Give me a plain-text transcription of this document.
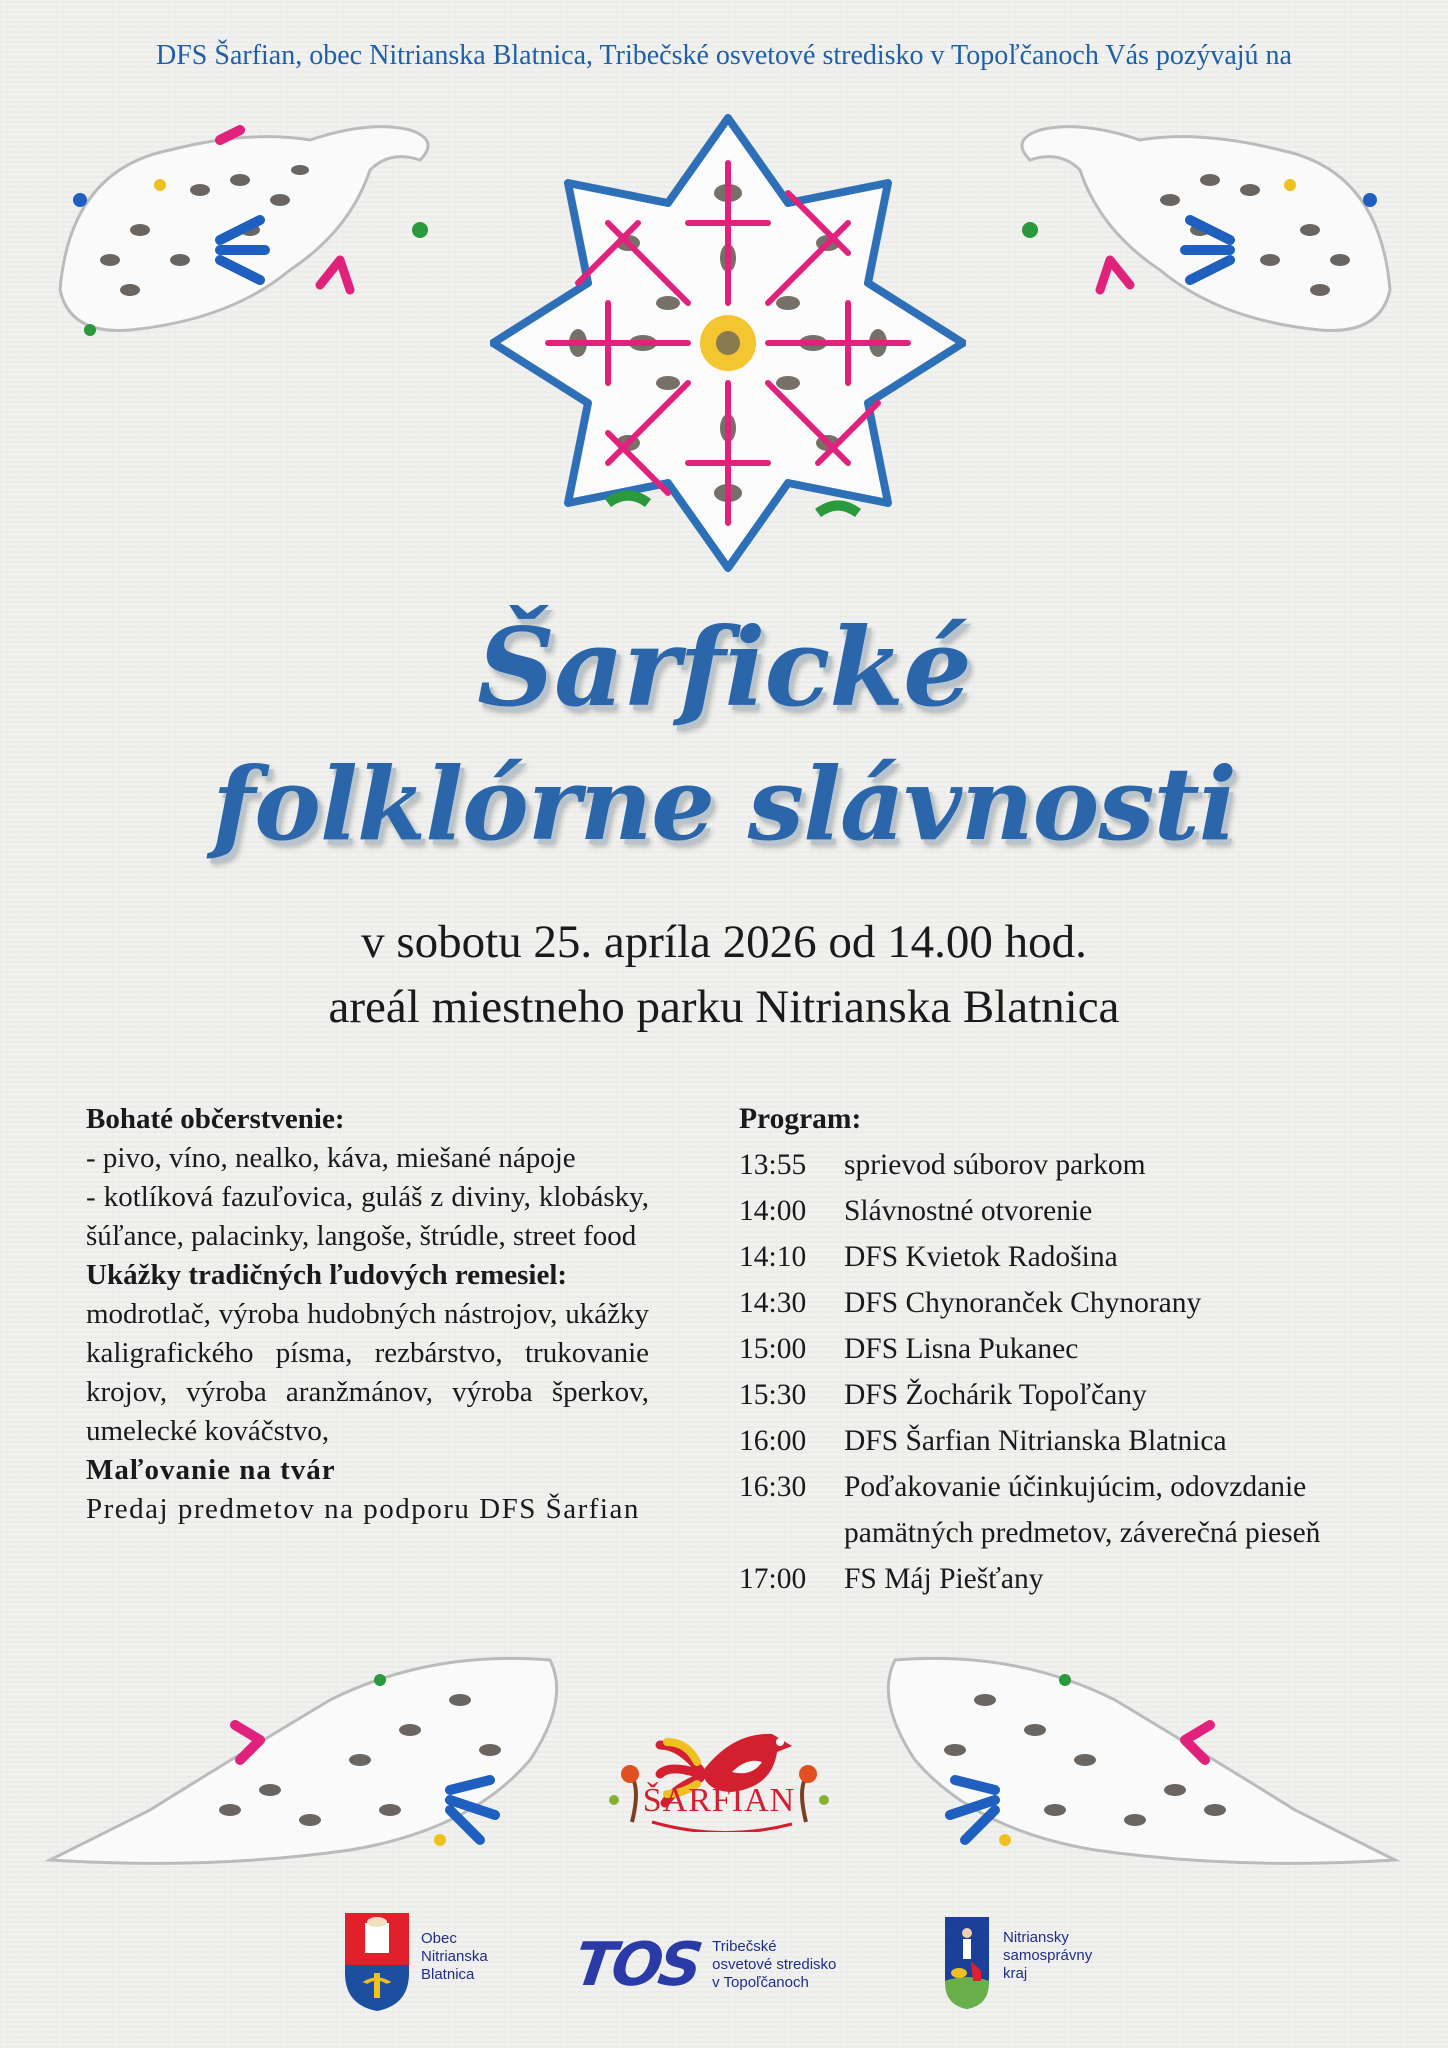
DFS Šarfian, obec Nitrianska Blatnica, Tribečské osvetové stredisko v Topoľčanoch Vás pozývajú na
Šarfické
folklórne slávnosti
v sobotu 25. apríla 2026 od 14.00 hod.
areál miestneho parku Nitrianska Blatnica
Bohaté občerstvenie:
- pivo, víno, nealko, káva, miešané nápoje
- kotlíková fazuľovica, guláš z diviny, klobásky, šúľance, palacinky, langoše, štrúdle, street food
Ukážky tradičných ľudových remesiel:
modrotlač, výroba hudobných nástrojov, ukážky kaligrafického písma, rezbárstvo, trukovanie krojov, výroba aranžmánov, výroba šperkov, umelecké kováčstvo,
Maľovanie na tvár
Predaj predmetov na podporu DFS Šarfian
Program:
13:55	sprievod súborov parkom
14:00	Slávnostné otvorenie
14:10	DFS Kvietok Radošina
14:30	DFS Chynoranček Chynorany
15:00	DFS Lisna Pukanec
15:30	DFS Žochárik Topoľčany
16:00	DFS Šarfian Nitrianska Blatnica
16:30	Poďakovanie účinkujúcim, odovzdanie pamätných predmetov, záverečná pieseň
17:00	FS Máj Piešťany
ŠARFIAN
Obec
Nitrianska
Blatnica TOS Tribečské
osvetové stredisko
v Topoľčanoch
Nitriansky
samosprávny
kraj
